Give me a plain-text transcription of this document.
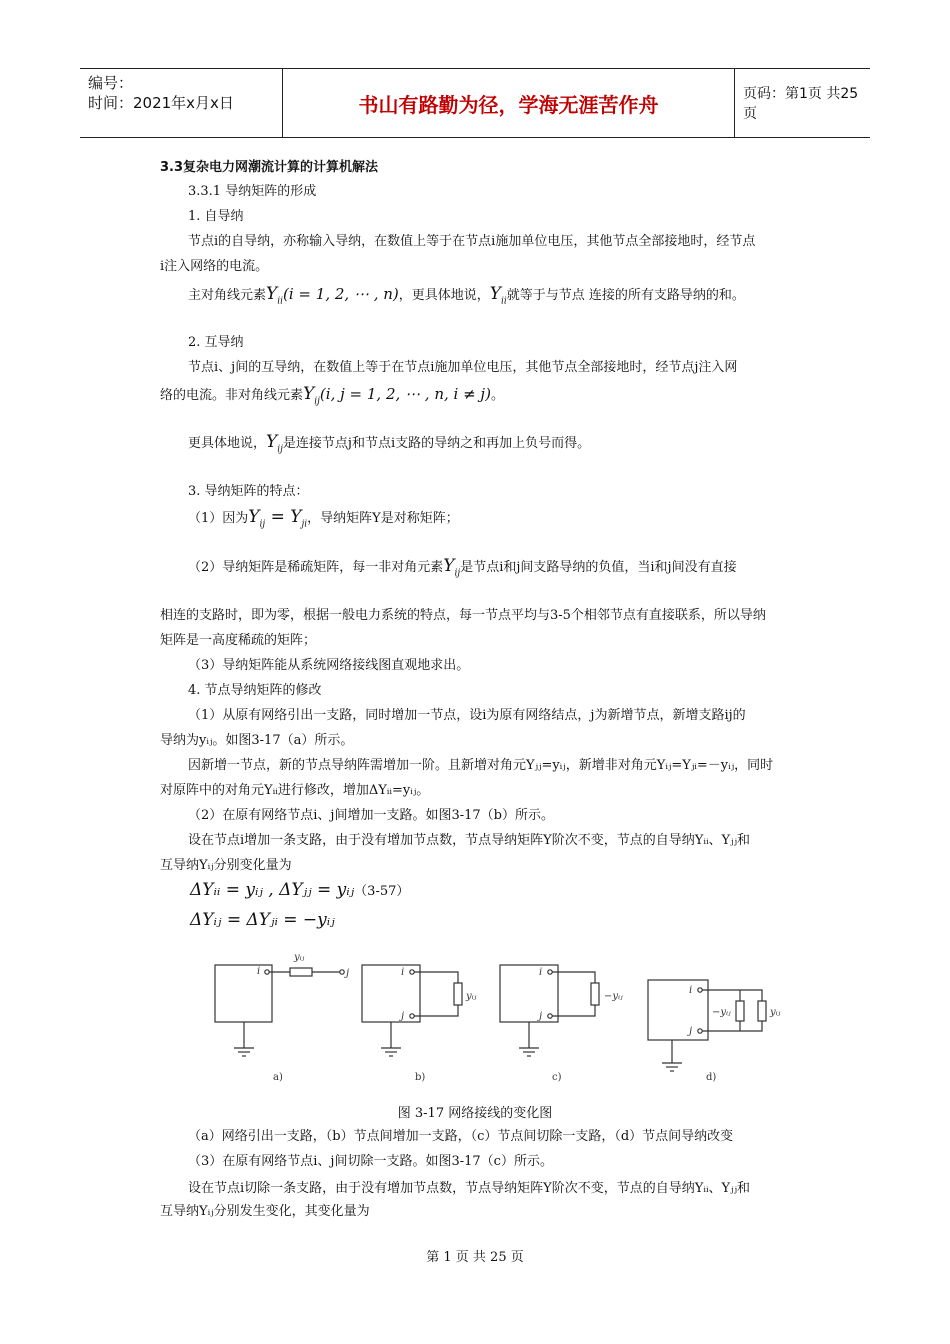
编号：
时间：2021年x月x日	书山有路勤为径，学海无涯苦作舟	页码：第1页 共25页
3.3复杂电力网潮流计算的计算机解法
3.3.1 导纳矩阵的形成
1. 自导纳
节点i的自导纳，亦称输入导纳，在数值上等于在节点i施加单位电压，其他节点全部接地时，经节点
i注入网络的电流。
主对角线元素$Y_{ii}(i = 1$, 2, ⋯ , n)，更具体地说，$Y_{ii}$就等于与节点 连接的所有支路导纳的和。
2. 互导纳
节点i、j间的互导纳，在数值上等于在节点i施加单位电压，其他节点全部接地时，经节点j注入网
络的电流。非对角线元素$Y_{ij}(i$, j = 1, 2, ⋯ , n, i ≠ j)。
更具体地说，$Y_{ij}$是连接节点j和节点i支路的导纳之和再加上负号而得。
3. 导纳矩阵的特点：
（1）因为$Y_{ij} = Y_{ji}$，导纳矩阵Y是对称矩阵；
（2）导纳矩阵是稀疏矩阵，每一非对角元素$Y_{ij}$是节点i和j间支路导纳的负值，当i和j间没有直接
相连的支路时，即为零，根据一般电力系统的特点，每一节点平均与3-5个相邻节点有直接联系，所以导纳
矩阵是一高度稀疏的矩阵；
（3）导纳矩阵能从系统网络接线图直观地求出。
4. 节点导纳矩阵的修改
（1）从原有网络引出一支路，同时增加一节点，设i为原有网络结点，j为新增节点，新增支路ij的
导纳为yᵢⱼ。如图3-17（a）所示。
因新增一节点，新的节点导纳阵需增加一阶。且新增对角元Yⱼⱼ=yᵢⱼ，新增非对角元Yᵢⱼ=Yⱼᵢ=－yᵢⱼ，同时
对原阵中的对角元Yᵢᵢ进行修改，增加ΔYᵢᵢ=yᵢⱼ。
（2）在原有网络节点i、j间增加一支路。如图3-17（b）所示。
设在节点i增加一条支路，由于没有增加节点数，节点导纳矩阵Y阶次不变，节点的自导纳Yᵢᵢ、Yⱼⱼ和
互导纳Yᵢⱼ分别变化量为
ΔYᵢᵢ = yᵢⱼ , ΔYⱼⱼ = yᵢⱼ（3-57）
ΔYᵢⱼ = ΔYⱼᵢ = −yᵢⱼ
i	j
yᵢⱼ
i
j
yᵢⱼ
i
j
−yᵢⱼ
i
j
−yᵢⱼ	yᵢⱼ
a)	b)	c)	d)
图 3-17 网络接线的变化图
（a）网络引出一支路，（b）节点间增加一支路，（c）节点间切除一支路，（d）节点间导纳改变
（3）在原有网络节点i、j间切除一支路。如图3-17（c）所示。
设在节点i切除一条支路，由于没有增加节点数，节点导纳矩阵Y阶次不变，节点的自导纳Yᵢᵢ、Yⱼⱼ和
互导纳Yᵢⱼ分别发生变化，其变化量为
第 1 页 共 25 页
